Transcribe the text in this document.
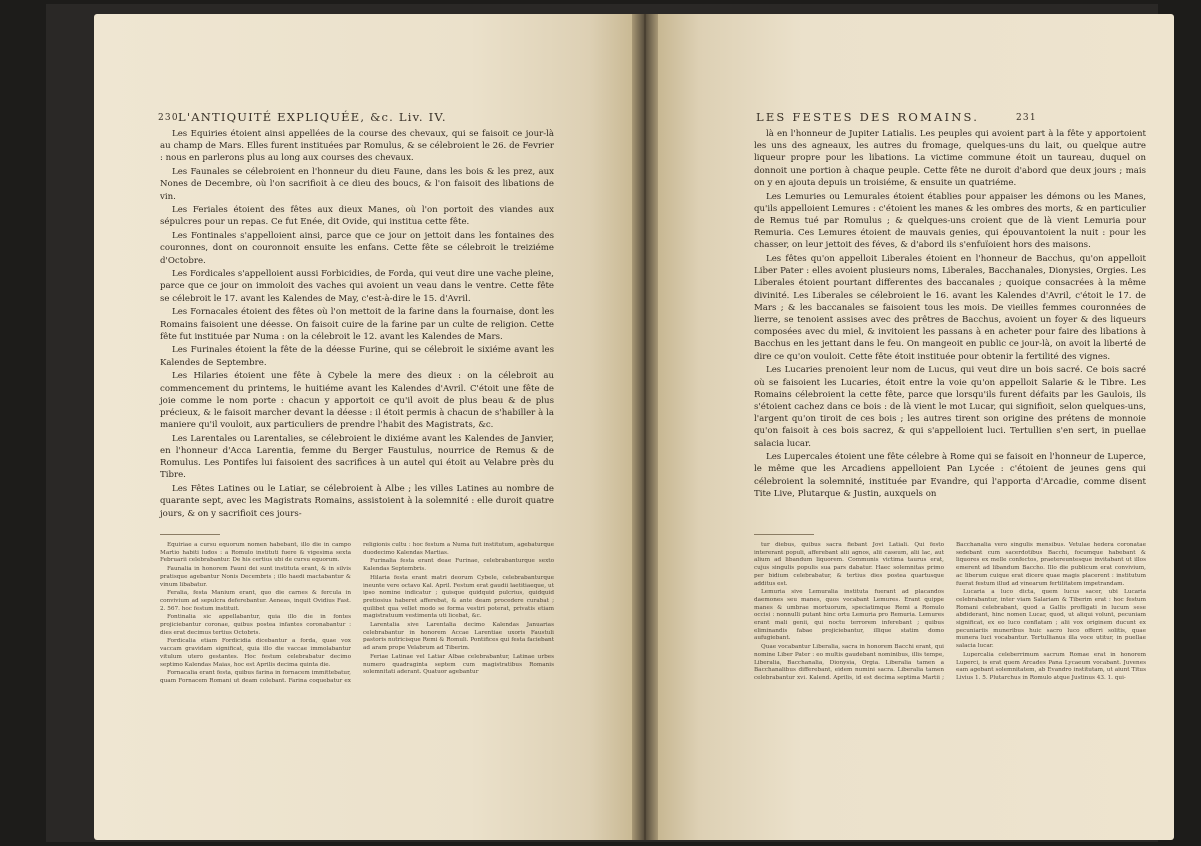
230 L'ANTIQUITÉ EXPLIQUÉE, &c. Liv. IV.

Les Equiries étoient ainsi appellées de la course des chevaux, qui se faisoit ce jour-là au champ de Mars. Elles furent instituées par Romulus, & se célebroient le 26. de Fevrier : nous en parlerons plus au long aux courses des chevaux.

Les Faunales se célebroient en l'honneur du dieu Faune, dans les bois & les prez, aux Nones de Decembre, où l'on sacrifioit à ce dieu des boucs, & l'on faisoit des libations de vin.

Les Feriales étoient des fêtes aux dieux Manes, où l'on portoit des viandes aux sépulcres pour un repas. Ce fut Enée, dit Ovide, qui institua cette fête.

Les Fontinales s'appelloient ainsi, parce que ce jour on jettoit dans les fontaines des couronnes, dont on couronnoit ensuite les enfans. Cette fête se célebroit le treiziéme d'Octobre.

Les Fordicales s'appelloient aussi Forbicidies, de Forda, qui veut dire une vache pleine, parce que ce jour on immoloit des vaches qui avoient un veau dans le ventre. Cette fête se célebroit le 17. avant les Kalendes de May, c'est-à-dire le 15. d'Avril.

Les Fornacales étoient des fêtes où l'on mettoit de la farine dans la fournaise, dont les Romains faisoient une déesse. On faisoit cuire de la farine par un culte de religion. Cette fête fut instituée par Numa : on la célebroit le 12. avant les Kalendes de Mars.

Les Furinales étoient la fête de la déesse Furine, qui se célebroit le sixiéme avant les Kalendes de Septembre.

Les Hilaries étoient une fête à Cybele la mere des dieux : on la célebroit au commencement du printems, le huitiéme avant les Kalendes d'Avril. C'étoit une fête de joie comme le nom porte : chacun y apportoit ce qu'il avoit de plus beau & de plus précieux, & le faisoit marcher devant la déesse : il étoit permis à chacun de s'habiller à la maniere qu'il vouloit, aux particuliers de prendre l'habit des Magistrats, &c.

Les Larentales ou Larentalies, se célebroient le dixiéme avant les Kalendes de Janvier, en l'honneur d'Acca Larentia, femme du Berger Faustulus, nourrice de Remus & de Romulus. Les Pontifes lui faisoient des sacrifices à un autel qui étoit au Velabre près du Tibre.

Les Fêtes Latines ou le Latiar, se célebroient à Albe ; les villes Latines au nombre de quarante sept, avec les Magistrats Romains, assistoient à la solemnité : elle duroit quatre jours, & on y sacrifioit ces jours-

Equiriae a cursu equorum nomen habebant, illo die in campo Martio habiti ludos : a Romulo instituti fuere & vigesima sexta Februarii celebrabantur. De his certius ubi de cursu equorum.

Faunalia in honorem Fauni dei sunt instituta erant, & in silvis pratisque agebantur Nonis Decembris ; illo haedi mactabantur & vinum libabatur.

Feralia, festa Manium erant, quo die carnes & fercula in convivium ad sepulcra deferebantur. Aeneas, inquit Ovidius Fast. 2. 567. hoc festum instituit.

Fontinalia sic appellabantur, quia illo die in fontes projiciebantur coronae, quibus postea infantes coronabantur : dies erat decimus tertius Octobris.

Fordicalia etiam Fordicidia dicebantur a forda, quae vox vaccam gravidam significat, quia illo die vaccae immolabantur vitulum utero gestantes. Hoc festum celebrabatur decimo septimo Kalendas Maias, hoc est Aprilis decima quinta die.

Fornacalia erant festa, quibus farina in fornacem immittebatur, quam Fornacem Romani ut deam colebant. Farina coquebatur ex religionis cultu : hoc festum a Numa fuit institutum, agebaturque duodecimo Kalendas Martias.

Furinalia festa erant deae Furinae, celebrabanturque sexto Kalendas Septembris.

Hilaria festa erant matri deorum Cybele, celebrabanturque ineunte vere octavo Kal. April. Festum erat gaudii laetitiaeque, ut ipso nomine indicatur ; quisque quidquid pulcrius, quidquid pretiosius haberet afferebat, & ante deam procedere curabat ; quilibet qua vellet modo se forma vestiri poterat, privatis etiam magistratuum vestimenta uti licebat, &c.

Larentalia sive Larentalia decimo Kalendas Januarias celebrabantur in honorem Accae Larentiae uxoris Faustuli pastoris nutricisque Remi & Romuli. Pontifices qui festa faciebant ad aram prope Velabrum ad Tiberim.

Feriae Latinae vel Latiar Albae celebrabantur, Latinae urbes numero quadraginta septem cum magistratibus Romanis solemnitati aderant. Quatuor agebantur

LES FESTES DES ROMAINS.	231

là en l'honneur de Jupiter Latialis. Les peuples qui avoient part à la fête y apportoient les uns des agneaux, les autres du fromage, quelques-uns du lait, ou quelque autre liqueur propre pour les libations. La victime commune étoit un taureau, duquel on donnoit une portion à chaque peuple. Cette fête ne duroit d'abord que deux jours ; mais on y en ajouta depuis un troisiéme, & ensuite un quatriéme.

Les Lemuries ou Lemurales étoient établies pour appaiser les démons ou les Manes, qu'ils appelloient Lemures : c'étoient les manes & les ombres des morts, & en particulier de Remus tué par Romulus ; & quelques-uns croient que de là vient Lemuria pour Remuria. Ces Lemures étoient de mauvais genies, qui épouvantoient la nuit : pour les chasser, on leur jettoit des féves, & d'abord ils s'enfuïoient hors des maisons.

Les fêtes qu'on appelloit Liberales étoient en l'honneur de Bacchus, qu'on appelloit Liber Pater : elles avoient plusieurs noms, Liberales, Bacchanales, Dionysies, Orgies. Les Liberales étoient pourtant differentes des baccanales ; quoique consacrées à la même divinité. Les Liberales se célebroient le 16. avant les Kalendes d'Avril, c'étoit le 17. de Mars ; & les baccanales se faisoient tous les mois. De vieilles femmes couronnées de lierre, se tenoient assises avec des prêtres de Bacchus, avoient un foyer & des liqueurs composées avec du miel, & invitoient les passans à en acheter pour faire des libations à Bacchus en les jettant dans le feu. On mangeoit en public ce jour-là, on avoit la liberté de dire ce qu'on vouloit. Cette fête étoit instituée pour obtenir la fertilité des vignes.

Les Lucaries prenoient leur nom de Lucus, qui veut dire un bois sacré. Ce bois sacré où se faisoient les Lucaries, étoit entre la voie qu'on appelloit Salarie & le Tibre. Les Romains célebroient la cette fête, parce que lorsqu'ils furent défaits par les Gaulois, ils s'étoient cachez dans ce bois : de là vient le mot Lucar, qui signifioit, selon quelques-uns, l'argent qu'on tiroit de ces bois ; les autres tirent son origine des prétens de monnoie qu'on faisoit à ces bois sacrez, & qui s'appelloient luci. Tertullien s'en sert, in puellae salacia lucar.

Les Lupercales étoient une fête célebre à Rome qui se faisoit en l'honneur de Luperce, le même que les Arcadiens appelloient Pan Lycée : c'étoient de jeunes gens qui célebroient la solemnité, instituée par Evandre, qui l'apporta d'Arcadie, comme disent Tite Live, Plutarque & Justin, auxquels on

tur diebus, quibus sacra fiebant Jovi Latiali. Qui festo intererant populi, afferebant alii agnos, alii caseum, alii lac, aut alium ad libandum liquorem. Communis victima taurus erat, cujus singulis populis sua pars dabatur. Haec solemnitas primo per bidium celebrabatur, & tertius dies postea quartusque additus est.

Lemuria sive Lemuralia instituta fuerant ad placandos daemones seu manes, quos vocabant Lemures. Erant quippe manes & umbrae mortuorum, speciatimque Remi a Romulo occisi : nonnulli putant hinc ortu Lemuria pro Remuria. Lemures erant mali genii, qui noctu terrorem inferebant ; quibus eliminandis fabae projiciebantur, illique statim domo aufugiebant.

Quae vocabantur Liberalia, sacra in honorem Bacchi erant, qui nomine Liber Pater : eo multis gaudebant nominibus, illis tempe, Liberalia, Bacchanalia, Dionysia, Orgia. Liberalia tamen a Bacchanalibus differebant, eidem numini sacra. Liberalia tamen celebrabantur xvi. Kalend. Aprilis, id est decima septima Martii ; Bacchanalia vero singulis mensibus. Vetulae hedera coronatae sedebant cum sacerdotibus Bacchi, focumque habebant & liquores ex melle confectos, praetereuntesque invitabant ut illos emerent ad libandum Baccho. Illo die publicum erat convivium, ac liberum cuique erat dicere quae magis placerent : institutum fuerat festum illud ad vinearum fertilitatem impetrandam.

Lucaria a luco dicta, quem lucus sacer, ubi Lucaria celebrabantur, inter viam Salariam & Tiberim erat : hoc festum Romani celebrabant, quod a Gallis profligati in lucum sese abdiderant, hinc nomen Lucar, quod, ut aliqui volunt, pecuniam significat, ex eo luco conflatam ; alii vox originem ducunt ex pecuniariis muneribus huic sacro luco offerri solitis, quae munera luci vocabantur. Tertullianus illa voce utitur, in puellae salacia lucar.

Lupercalia celeberrimum sacrum Romae erat in honorem Luperci, is erat quem Arcades Pana Lycaeum vocabant. Juvenes eam agebant solemnitatem, ab Evandro institutam, ut aiunt Titus Livius 1. 5. Plutarchus in Romulo atque Justinus 43. 1. qui-
